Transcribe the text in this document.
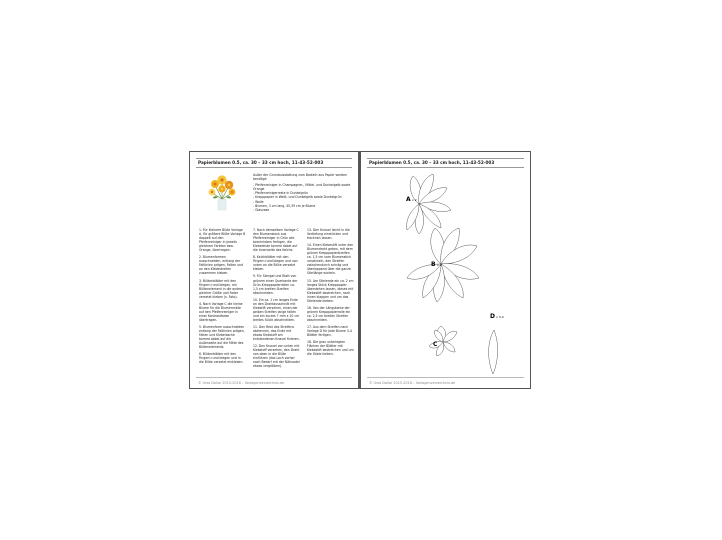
Papierblumen 0.5, ca. 30 – 33 cm hoch, 11-43-52-003
Außer der Grundausstattung zum Basteln aus Papier werden benötigt:
- Pfeifenreiniger in Champagner-, Mittel- und Dunkelgelb sowie Orange
- Pfeifenreinigerreste in Dunkelgrün
- Krepppapier in Weiß- und Dunkelgelb sowie Dunkelgrün
- Wolle
- Blumen, 3 cm lang, 45,39 cm je Blume
- Glasvase

1. Für kleinere Blüte Vorlage A, für größere Blüte Vorlage B doppelt auf den Pfeifenreiniger in jeweils gleichem Farbton bzw. Orange, übertragen.

2. Blumenformen ausschneiden, entlang der Faltlinien prägen, Falten und an den Klebestreifen zusammen kleben.

3. Blütenblätter mit den Fingern rund biegen, ein Blütenelement in die andere gleicher Größe und Farbe versetzt kleben (s. Foto).

4. Nach Vorlage C die kleine Blume für die Blumenmitte auf den Pfeifenreiniger in einer Kontrastfarbe übertragen.

5. Blumenform ausschneiden entlang der Faltlinien prägen, Falten und Klebelasche kommt dabei auf die Außenseite auf die Mitte des Blütenelements.

6. Blütenblätter mit den Fingern rund biegen und in die Blüte versetzt einkleben.

7. Nach demselben Vorlage C den Blumenstock aus Pfeifenreiniger in Grün wie beschrieben fertigen, die Klebeleiste kommt dabei auf die Innenseite des Kelchs.

8. Kelchblätter mit den Fingern rund biegen und von unten an die Blüte versetzt kleben.

9. Für Stengel und Blatt von grünem einer Querkante der Grün-Krepppapierrollen ca. 1,5 cm breiten Streifen abschneiden.

10. Ein ca. 1 cm langes Ende an den Drahtausschnitt mit Klebstift versehen, einen der gelben Streifen lange falten und ein kurzes 7 mm x 10 cm breites Stück abschneiden.

11. Den Rest des Streifens abtrennen, das Ende mit etwas Klebstoff am entstandenen Knauel fixieren.

12. Den Knauel von unten mit Klebstoff versehen, den Draht von oben in die Blüte einführen (das Loch vorher nach Bedarf mit der Nähnadel etwas vergrößern).

13. Den Knauel leicht in die Vertiefung eindrücken und trocknen lassen.

14. Einen Klebestift unter den Blumendraht geben, mit dem grünen Krepppapierstreifen ca. 1,5 cm vom Blumenstich umwickeln, den Streifen zwischendurch schräg und überlappend über die ganze Stiellänge wickeln.

15. Am Stielende ein ca. 2 cm langes Stück Krepppapier überstehen lassen, dieses mit Klebestift bestreichen, nach innen klappen und um das Stielende kleben.

16. Von der Längskante der grünen Krepppapierrolle ein ca. 2,5 cm breiten Streifen abschneiden.

17. Aus dem Streifen nach Vorlage D für jede Blume 3-4 Blätter fertigen.

18. Die grau unterlegten Flächen der Blätter mit Klebestift bestreichen und um die Stiele kleben.

© Ursa Dollar 2015-2016 – Vorlagenverzeichnis.de
Papierblumen 0.5, ca. 30 – 33 cm hoch, 11-43-52-003
A x 2
B x 2
C
D x 3-4
© Ursa Dollar 2015-2016 – Vorlagenverzeichnis.de
